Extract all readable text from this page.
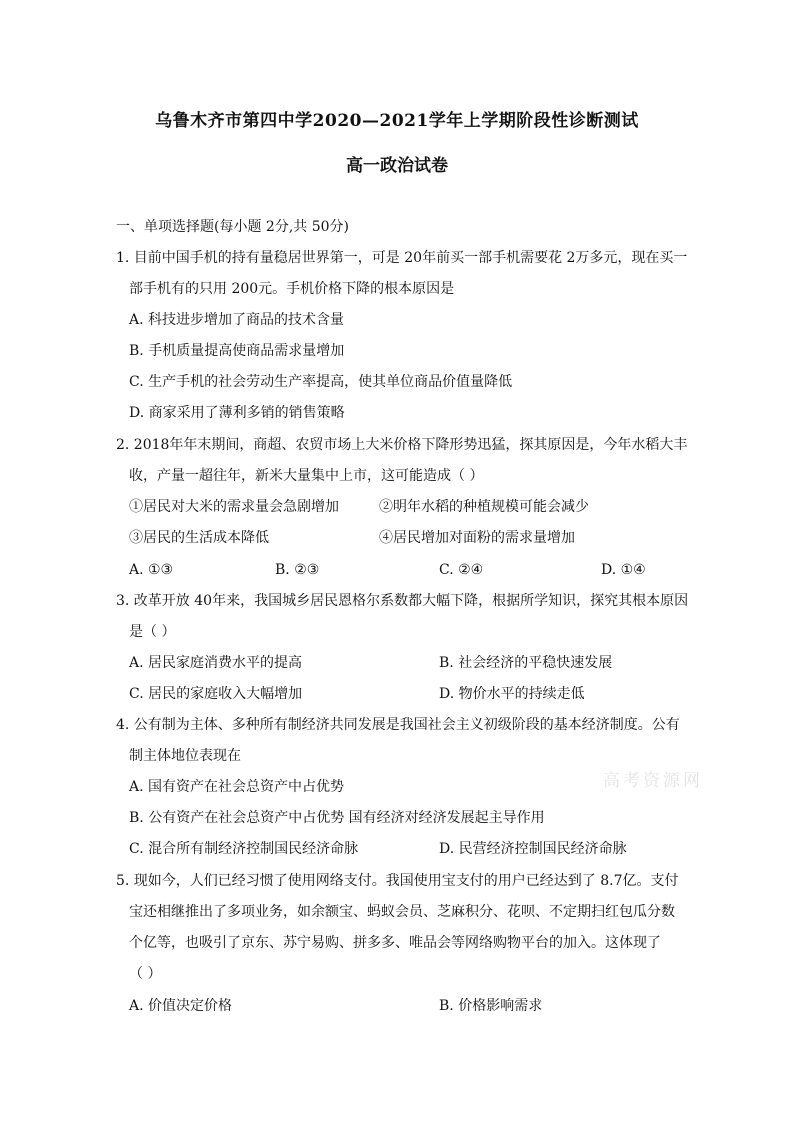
乌鲁木齐市第四中学2020—2021学年上学期阶段性诊断测试
高一政治试卷
一、单项选择题(每小题 2分,共 50分)
1. 目前中国手机的持有量稳居世界第一，可是 20年前买一部手机需要花 2万多元，现在买一
部手机有的只用 200元。手机价格下降的根本原因是
A. 科技进步增加了商品的技术含量
B. 手机质量提高使商品需求量增加
C. 生产手机的社会劳动生产率提高，使其单位商品价值量降低
D. 商家采用了薄利多销的销售策略
2. 2018年年末期间，商超、农贸市场上大米价格下降形势迅猛，探其原因是，今年水稻大丰
收，产量一超往年，新米大量集中上市，这可能造成（ ）
①居民对大米的需求量会急剧增加	②明年水稻的种植规模可能会减少
③居民的生活成本降低	④居民增加对面粉的需求量增加
A. ①③	B. ②③	C. ②④	D. ①④
3. 改革开放 40年来，我国城乡居民恩格尔系数都大幅下降，根据所学知识，探究其根本原因
是（ ）
A. 居民家庭消费水平的提高	B. 社会经济的平稳快速发展
C. 居民的家庭收入大幅增加	D. 物价水平的持续走低
4. 公有制为主体、多种所有制经济共同发展是我国社会主义初级阶段的基本经济制度。公有
制主体地位表现在
A. 国有资产在社会总资产中占优势
B. 公有资产在社会总资产中占优势 国有经济对经济发展起主导作用
C. 混合所有制经济控制国民经济命脉	D. 民营经济控制国民经济命脉
高考资源网
5. 现如今，人们已经习惯了使用网络支付。我国使用宝支付的用户已经达到了 8.7亿。支付
宝还相继推出了多项业务，如余额宝、蚂蚁会员、芝麻积分、花呗、不定期扫红包瓜分数
个亿等，也吸引了京东、苏宁易购、拼多多、唯品会等网络购物平台的加入。这体现了
（ ）
A. 价值决定价格	B. 价格影响需求
